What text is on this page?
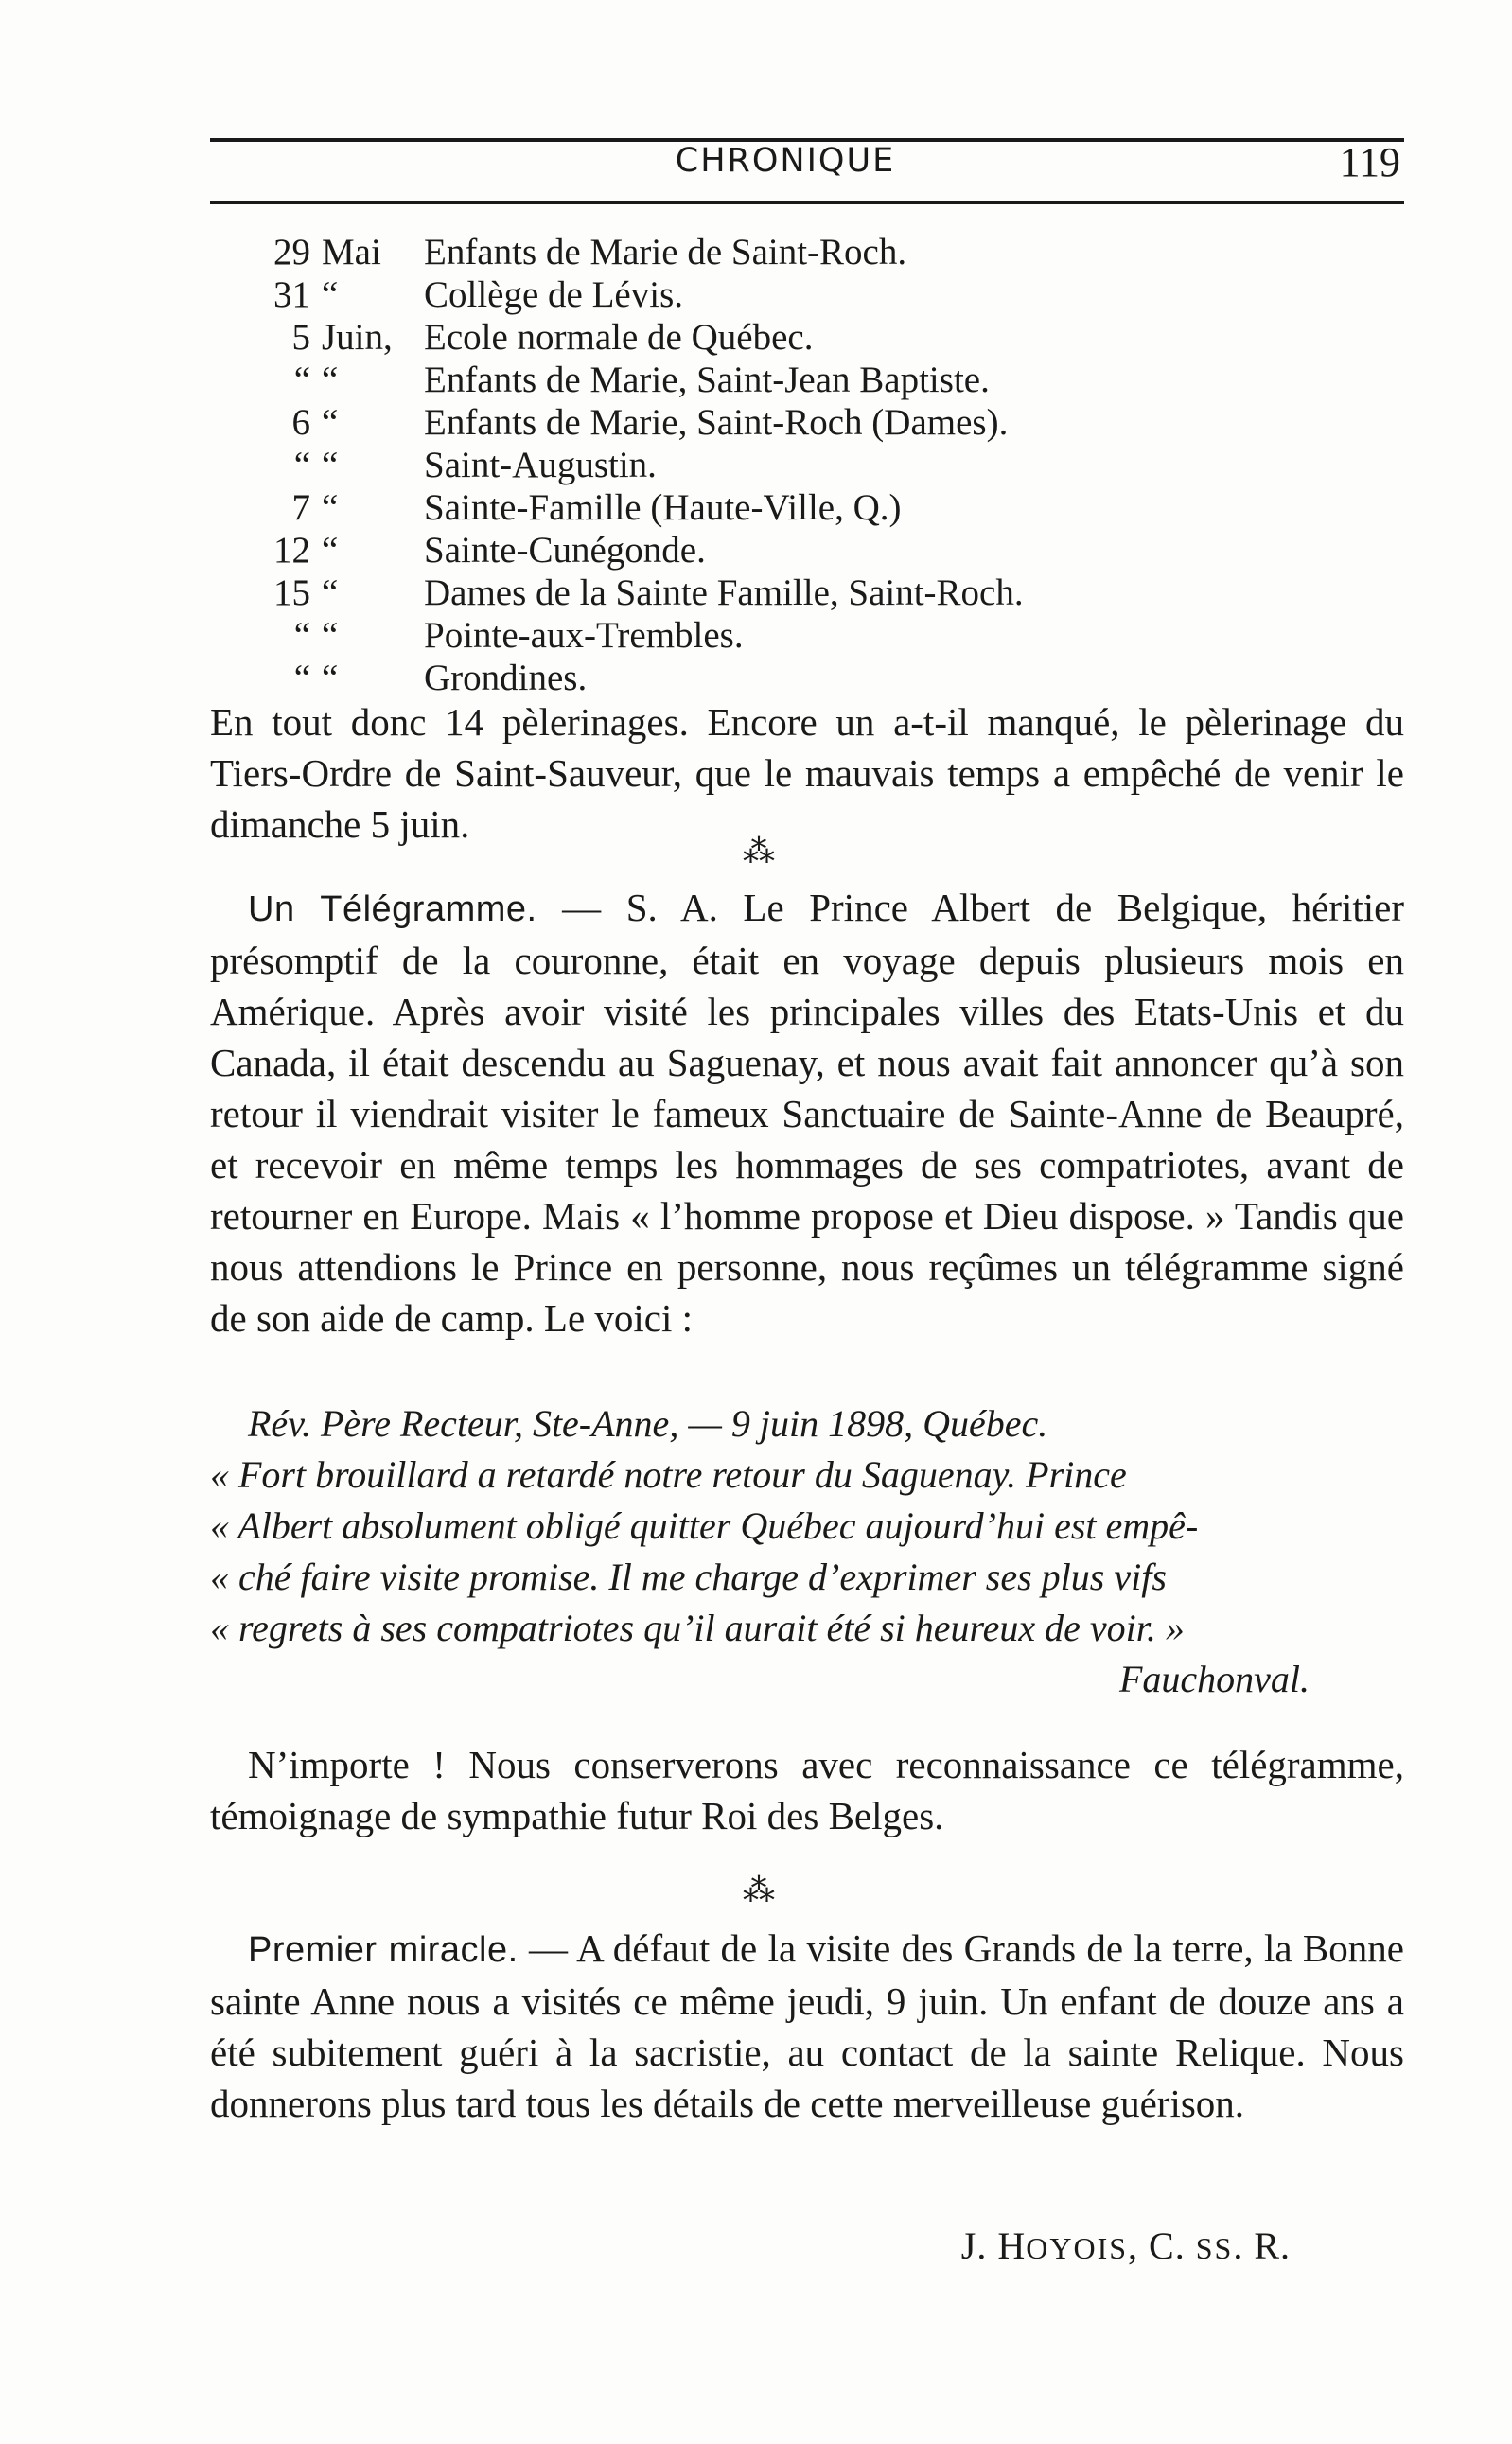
CHRONIQUE	119
29 Mai	Enfants de Marie de Saint-Roch.
31 “	Collège de Lévis.
5 Juin, Ecole normale de Québec.
“ “	Enfants de Marie, Saint-Jean Baptiste.
6 “	Enfants de Marie, Saint-Roch (Dames).
“ “	Saint-Augustin.
7 “	Sainte-Famille (Haute-Ville, Q.)
12 “	Sainte-Cunégonde.
15 “	Dames de la Sainte Famille, Saint-Roch.
“ “	Pointe-aux-Trembles.
“ “	Grondines.

En tout donc 14 pèlerinages. Encore un a-t-il manqué, le pèlerinage du Tiers-Ordre de Saint-Sauveur, que le mauvais temps a empêché de venir le dimanche 5 juin.

⁂

Un Télégramme. — S. A. Le Prince Albert de Belgique, héritier présomptif de la couronne, était en voyage depuis plusieurs mois en Amérique. Après avoir visité les principales villes des Etats-Unis et du Canada, il était descendu au Saguenay, et nous avait fait annoncer qu’à son retour il viendrait visiter le fameux Sanctuaire de Sainte-Anne de Beaupré, et recevoir en même temps les hommages de ses compatriotes, avant de retourner en Europe. Mais « l’homme propose et Dieu dispose. » Tandis que nous attendions le Prince en personne, nous reçûmes un télégramme signé de son aide de camp. Le voici :

Rév. Père Recteur, Ste-Anne, — 9 juin 1898, Québec.
« Fort brouillard a retardé notre retour du Saguenay. Prince
« Albert absolument obligé quitter Québec aujourd’hui est empê-
« ché faire visite promise. Il me charge d’exprimer ses plus vifs
« regrets à ses compatriotes qu’il aurait été si heureux de voir. »
Fauchonval.

N’importe ! Nous conserverons avec reconnaissance ce télégramme, témoignage de sympathie futur Roi des Belges.

⁂

Premier miracle. — A défaut de la visite des Grands de la terre, la Bonne sainte Anne nous a visités ce même jeudi, 9 juin. Un enfant de douze ans a été subitement guéri à la sacristie, au contact de la sainte Relique. Nous donnerons plus tard tous les détails de cette merveilleuse guérison.

J. HOYOIS, C. SS. R.
